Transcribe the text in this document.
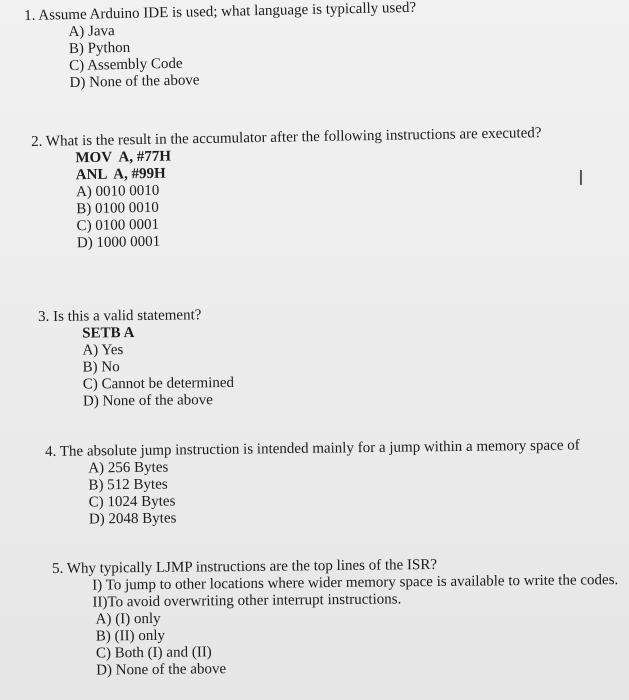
1. Assume Arduino IDE is used; what language is typically used?

A) Java

B) Python

C) Assembly Code

D) None of the above

2. What is the result in the accumulator after the following instructions are executed?

MOV  A, #77H

ANL  A, #99H

A) 0010 0010

B) 0100 0010

C) 0100 0001

D) 1000 0001

3. Is this a valid statement?

SETB A

A) Yes

B) No

C) Cannot be determined

D) None of the above

4. The absolute jump instruction is intended mainly for a jump within a memory space of

A) 256 Bytes

B) 512 Bytes

C) 1024 Bytes

D) 2048 Bytes

5. Why typically LJMP instructions are the top lines of the ISR?

I) To jump to other locations where wider memory space is available to write the codes.

II)To avoid overwriting other interrupt instructions.

A) (I) only

B) (II) only

C) Both (I) and (II)

D) None of the above

I
